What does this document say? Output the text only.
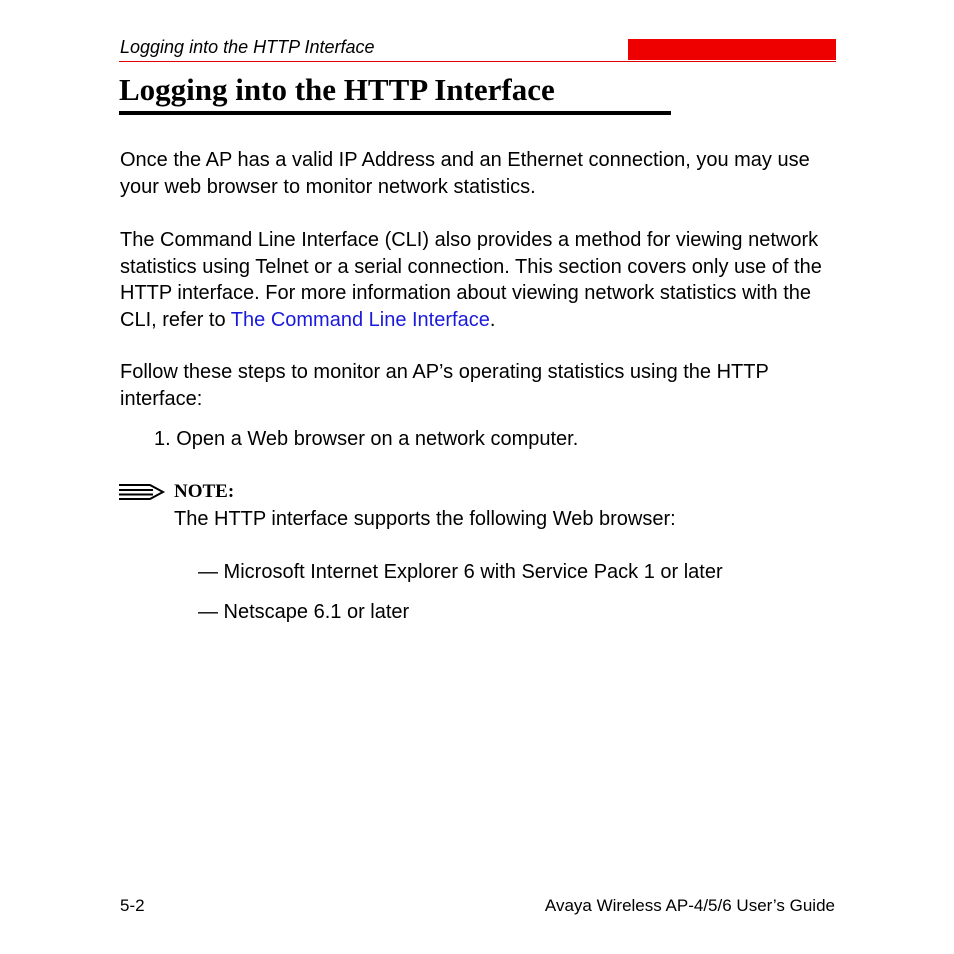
Logging into the HTTP Interface
Logging into the HTTP Interface

Once the AP has a valid IP Address and an Ethernet connection, you may use your web browser to monitor network statistics.

The Command Line Interface (CLI) also provides a method for viewing network statistics using Telnet or a serial connection. This section covers only use of the HTTP interface. For more information about viewing network statistics with the CLI, refer to The Command Line Interface.

Follow these steps to monitor an AP’s operating statistics using the HTTP interface:

1. Open a Web browser on a network computer.
NOTE:
The HTTP interface supports the following Web browser:
— Microsoft Internet Explorer 6 with Service Pack 1 or later
— Netscape 6.1 or later
5-2	Avaya Wireless AP-4/5/6 User’s Guide
